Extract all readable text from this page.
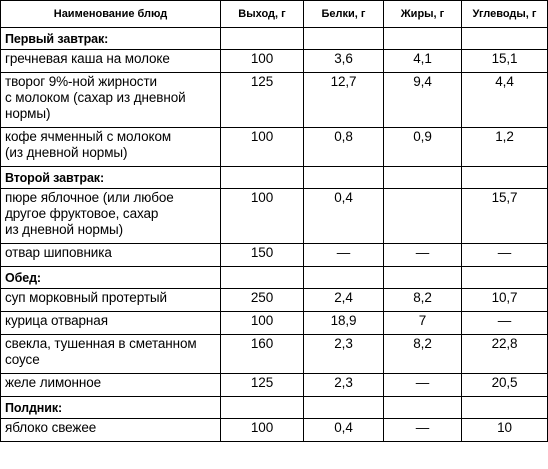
Наименование блюд	Выход, г	Белки, г	Жиры, г	Углеводы, г
Первый завтрак:				
гречневая каша на молоке	100	3,6	4,1	15,1
творог 9%-ной жирности
с молоком (сахар из дневной
нормы)	125	12,7	9,4	4,4
кофе ячменный с молоком
(из дневной нормы)	100	0,8	0,9	1,2
Второй завтрак:				
пюре яблочное (или любое
другое фруктовое, сахар
из дневной нормы)	100	0,4		15,7
отвар шиповника	150	—	—	—
Обед:				
суп морковный протертый	250	2,4	8,2	10,7
курица отварная	100	18,9	7	—
свекла, тушенная в сметанном
соусе	160	2,3	8,2	22,8
желе лимонное	125	2,3	—	20,5
Полдник:				
яблоко свежее	100	0,4	—	10
